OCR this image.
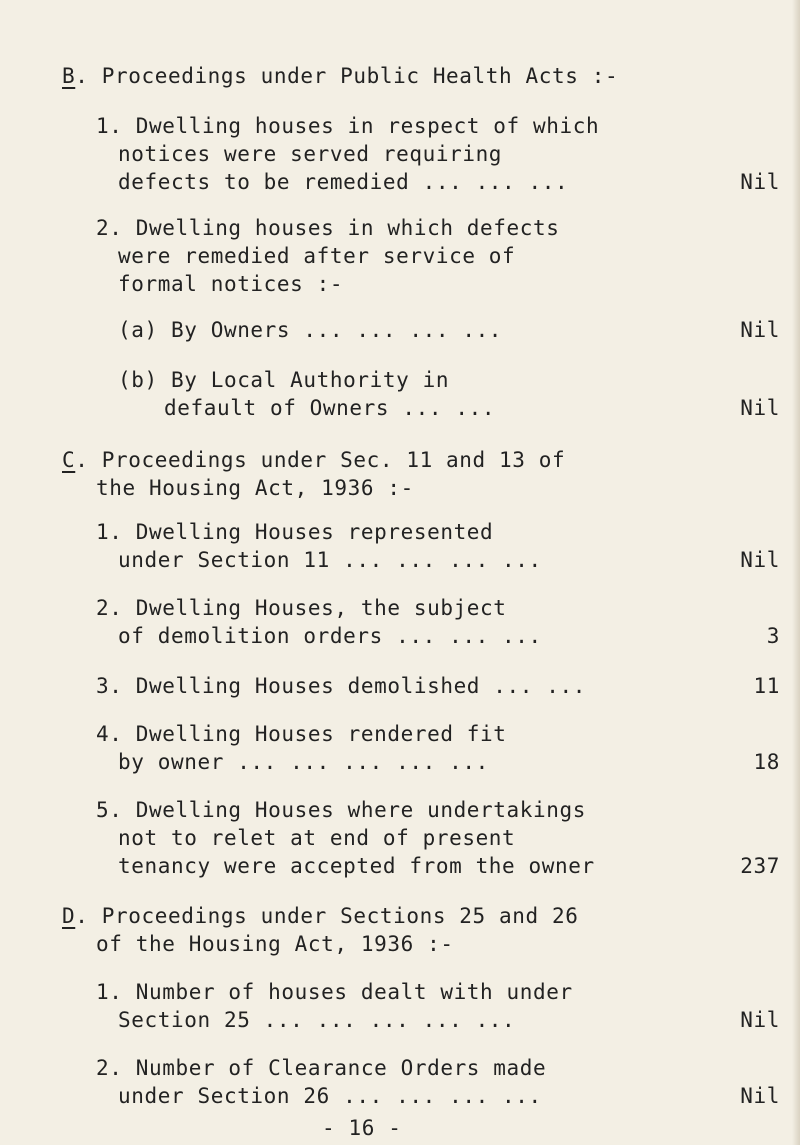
B. Proceedings under Public Health Acts :-
1. Dwelling houses in respect of which
notices were served requiring
defects to be remedied ... ... ...	Nil
2. Dwelling houses in which defects
were remedied after service of
formal notices :-
(a) By Owners ... ... ... ...	Nil
(b) By Local Authority in
default of Owners ... ...	Nil
C. Proceedings under Sec. 11 and 13 of
the Housing Act, 1936 :-
1. Dwelling Houses represented
under Section 11 ... ... ... ...	Nil
2. Dwelling Houses, the subject
of demolition orders ... ... ...	3
3. Dwelling Houses demolished ... ...	11
4. Dwelling Houses rendered fit
by owner ... ... ... ... ...	18
5. Dwelling Houses where undertakings
not to relet at end of present
tenancy were accepted from the owner	237
D. Proceedings under Sections 25 and 26
of the Housing Act, 1936 :-
1. Number of houses dealt with under
Section 25 ... ... ... ... ...	Nil
2. Number of Clearance Orders made
under Section 26 ... ... ... ...	Nil
- 16 -
